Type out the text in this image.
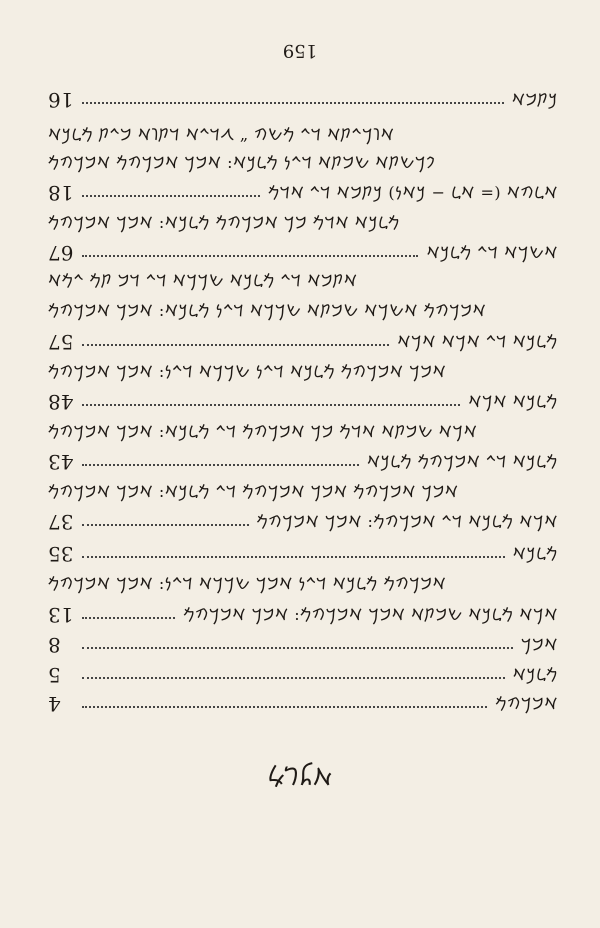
159
16	𐡊𐡕𐡁𐡀
𐡀𐡅𐡓𐡉𐡕𐡀 𐡃𐡉 𐡌𐡔𐡄 „ 𐡂𐡃𐡉𐡀 𐡃𐡕𐡅𐡀 𐡁𐡉𐡕 𐡌𐡋𐡊𐡀
𐡐𐡓𐡔𐡕𐡀 𐡔𐡁𐡕𐡀 𐡃𐡉𐡍 𐡌𐡋𐡊𐡀: 𐡀𐡁𐡓 𐡀𐡁𐡓𐡄𐡌 𐡀𐡁𐡓𐡄𐡌
18	𐡀𐡋𐡄𐡀 (= 𐡀𐡋 − 𐡊𐡀𐡍) 𐡊𐡕𐡁𐡀 𐡃𐡉 𐡀𐡃𐡌
𐡌𐡋𐡊𐡀 𐡀𐡃𐡌 𐡁𐡓 𐡀𐡁𐡓𐡄𐡌 𐡌𐡋𐡊𐡀: 𐡀𐡁𐡓 𐡀𐡁𐡓𐡄𐡌
67	𐡀𐡔𐡓𐡀 𐡃𐡉 𐡌𐡋𐡊𐡀
𐡀𐡕𐡁𐡀 𐡃𐡉 𐡌𐡋𐡊𐡀 𐡔𐡓𐡓𐡀 𐡃𐡉 𐡃𐡁 𐡕𐡌 𐡉𐡌𐡀
𐡀𐡁𐡓𐡄𐡌 𐡀𐡔𐡓𐡀 𐡔𐡁𐡕𐡀 𐡔𐡓𐡓𐡀 𐡃𐡉𐡍 𐡌𐡋𐡊𐡀: 𐡀𐡁𐡓 𐡀𐡁𐡓𐡄𐡌
57	𐡌𐡋𐡊𐡀 𐡃𐡉 𐡀𐡓𐡀 𐡀𐡓𐡀
𐡀𐡁𐡓 𐡀𐡁𐡓𐡄𐡌 𐡌𐡋𐡊𐡀 𐡃𐡉𐡍 𐡔𐡓𐡓𐡀 𐡃𐡉𐡍: 𐡀𐡁𐡓 𐡀𐡁𐡓𐡄𐡌
48	𐡌𐡋𐡊𐡀 𐡀𐡓𐡀
𐡀𐡓𐡀 𐡔𐡁𐡕𐡀 𐡀𐡃𐡌 𐡁𐡓 𐡀𐡁𐡓𐡄𐡌 𐡃𐡉 𐡌𐡋𐡊𐡀: 𐡀𐡁𐡓 𐡀𐡁𐡓𐡄𐡌
43	𐡌𐡋𐡊𐡀 𐡃𐡉 𐡀𐡁𐡓𐡄𐡌 𐡌𐡋𐡊𐡀
𐡀𐡁𐡓 𐡀𐡁𐡓𐡄𐡌 𐡀𐡁𐡓 𐡀𐡁𐡓𐡄𐡌 𐡃𐡉 𐡌𐡋𐡊𐡀: 𐡀𐡁𐡓 𐡀𐡁𐡓𐡄𐡌
37	𐡀𐡓𐡀 𐡌𐡋𐡊𐡀 𐡃𐡉 𐡀𐡁𐡓𐡄𐡌: 𐡀𐡁𐡓 𐡀𐡁𐡓𐡄𐡌
35	𐡌𐡋𐡊𐡀
𐡀𐡁𐡓𐡄𐡌 𐡌𐡋𐡊𐡀 𐡃𐡉𐡍 𐡀𐡁𐡓 𐡔𐡓𐡓𐡀 𐡃𐡉𐡍: 𐡀𐡁𐡓 𐡀𐡁𐡓𐡄𐡌
13	𐡀𐡓𐡀 𐡌𐡋𐡊𐡀 𐡔𐡁𐡕𐡀 𐡀𐡁𐡓 𐡀𐡁𐡓𐡄𐡌: 𐡀𐡁𐡓 𐡀𐡁𐡓𐡄𐡌
8	𐡀𐡁𐡓
5	𐡌𐡋𐡊𐡀
4	𐡀𐡁𐡓𐡄𐡌
𐡌𐡋𐡊𐡀
